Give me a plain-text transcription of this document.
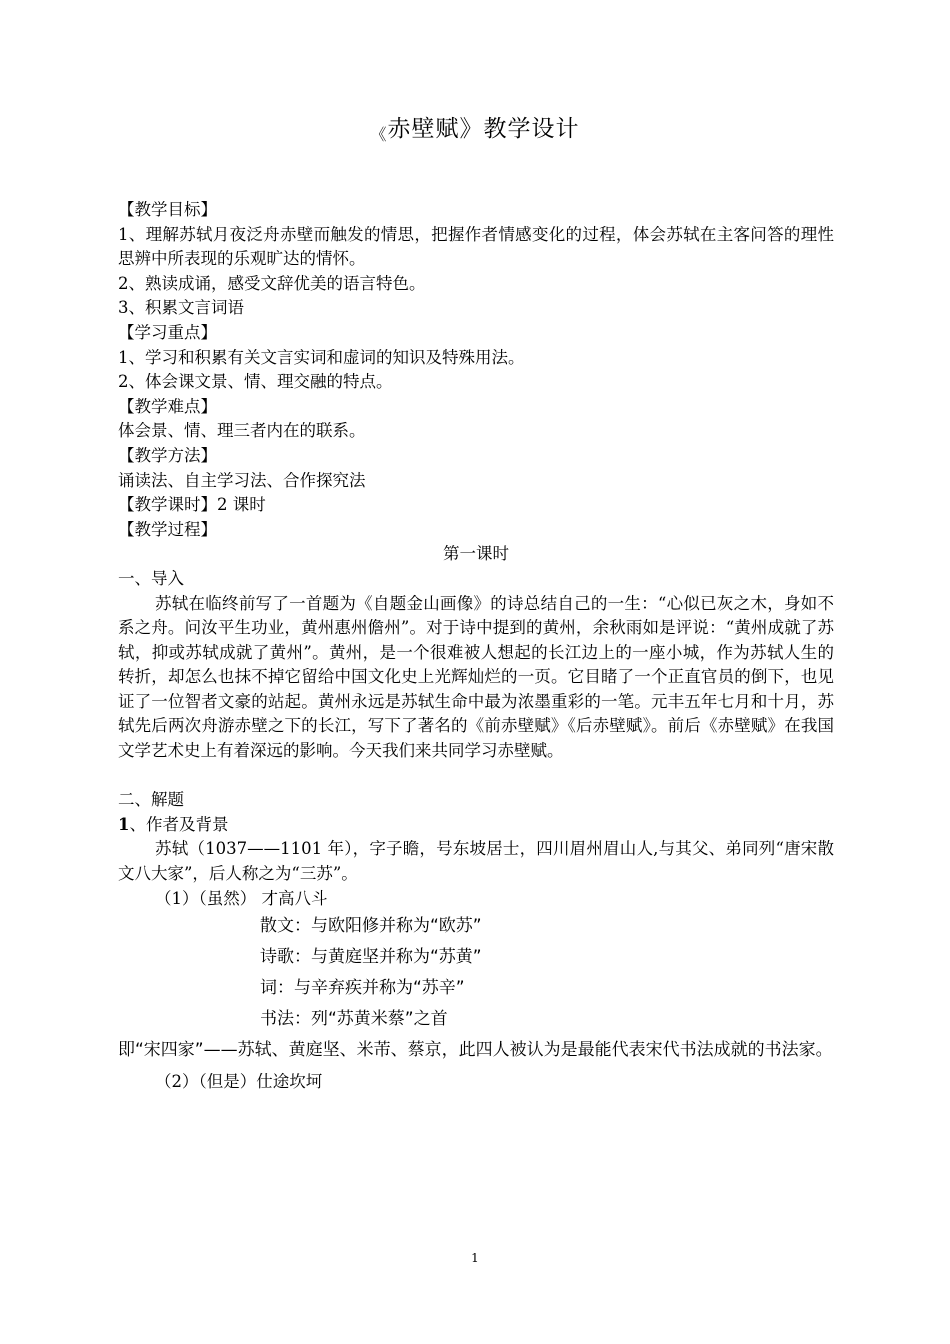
《赤壁赋》教学设计

【教学目标】

1、理解苏轼月夜泛舟赤壁而触发的情思，把握作者情感变化的过程，体会苏轼在主客问答的理性思辨中所表现的乐观旷达的情怀。

2、熟读成诵，感受文辞优美的语言特色。

3、积累文言词语

【学习重点】

1、学习和积累有关文言实词和虚词的知识及特殊用法。

2、体会课文景、情、理交融的特点。

【教学难点】

体会景、情、理三者内在的联系。

【教学方法】

诵读法、自主学习法、合作探究法

【教学课时】2 课时

【教学过程】

第一课时

一、导入

苏轼在临终前写了一首题为《自题金山画像》的诗总结自己的一生：“心似已灰之木，身如不系之舟。问汝平生功业，黄州惠州儋州”。对于诗中提到的黄州，余秋雨如是评说：“黄州成就了苏轼，抑或苏轼成就了黄州”。黄州，是一个很难被人想起的长江边上的一座小城，作为苏轼人生的转折，却怎么也抹不掉它留给中国文化史上光辉灿烂的一页。它目睹了一个正直官员的倒下，也见证了一位智者文豪的站起。黄州永远是苏轼生命中最为浓墨重彩的一笔。元丰五年七月和十月，苏轼先后两次舟游赤壁之下的长江，写下了著名的《前赤壁赋》《后赤壁赋》。前后《赤壁赋》在我国文学艺术史上有着深远的影响。今天我们来共同学习赤壁赋。

二、解题

1、作者及背景

苏轼（1037——1101 年），字子瞻，号东坡居士，四川眉州眉山人,与其父、弟同列“唐宋散文八大家”，后人称之为“三苏”。

（1）（虽然） 才高八斗

散文：与欧阳修并称为“欧苏”

诗歌：与黄庭坚并称为“苏黄”

词：与辛弃疾并称为“苏辛”

书法：列“苏黄米蔡”之首

即“宋四家”——苏轼、黄庭坚、米芾、蔡京，此四人被认为是最能代表宋代书法成就的书法家。

（2）（但是）仕途坎坷

1
